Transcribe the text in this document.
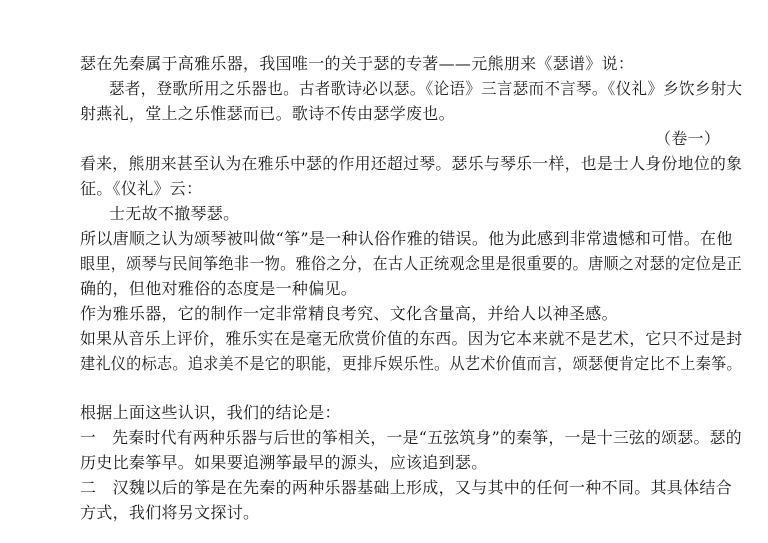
瑟在先秦属于高雅乐器，我国唯一的关于瑟的专著——元熊朋来《瑟谱》说：
瑟者，登歌所用之乐器也。古者歌诗必以瑟。《论语》三言瑟而不言琴。《仪礼》乡饮乡射大
射燕礼，堂上之乐惟瑟而已。歌诗不传由瑟学废也。
（卷一）
看来，熊朋来甚至认为在雅乐中瑟的作用还超过琴。瑟乐与琴乐一样，也是士人身份地位的象
征。《仪礼》云：
士无故不撤琴瑟。
所以唐顺之认为颂琴被叫做“筝”是一种认俗作雅的错误。他为此感到非常遗憾和可惜。在他
眼里，颂琴与民间筝绝非一物。雅俗之分，在古人正统观念里是很重要的。唐顺之对瑟的定位是正
确的，但他对雅俗的态度是一种偏见。
作为雅乐器，它的制作一定非常精良考究、文化含量高，并给人以神圣感。
如果从音乐上评价，雅乐实在是毫无欣赏价值的东西。因为它本来就不是艺术，它只不过是封
建礼仪的标志。追求美不是它的职能，更排斥娱乐性。从艺术价值而言，颂瑟便肯定比不上秦筝。
根据上面这些认识，我们的结论是：
一　先秦时代有两种乐器与后世的筝相关，一是“五弦筑身”的秦筝，一是十三弦的颂瑟。瑟的
历史比秦筝早。如果要追溯筝最早的源头，应该追到瑟。
二　汉魏以后的筝是在先秦的两种乐器基础上形成，又与其中的任何一种不同。其具体结合
方式，我们将另文探讨。
